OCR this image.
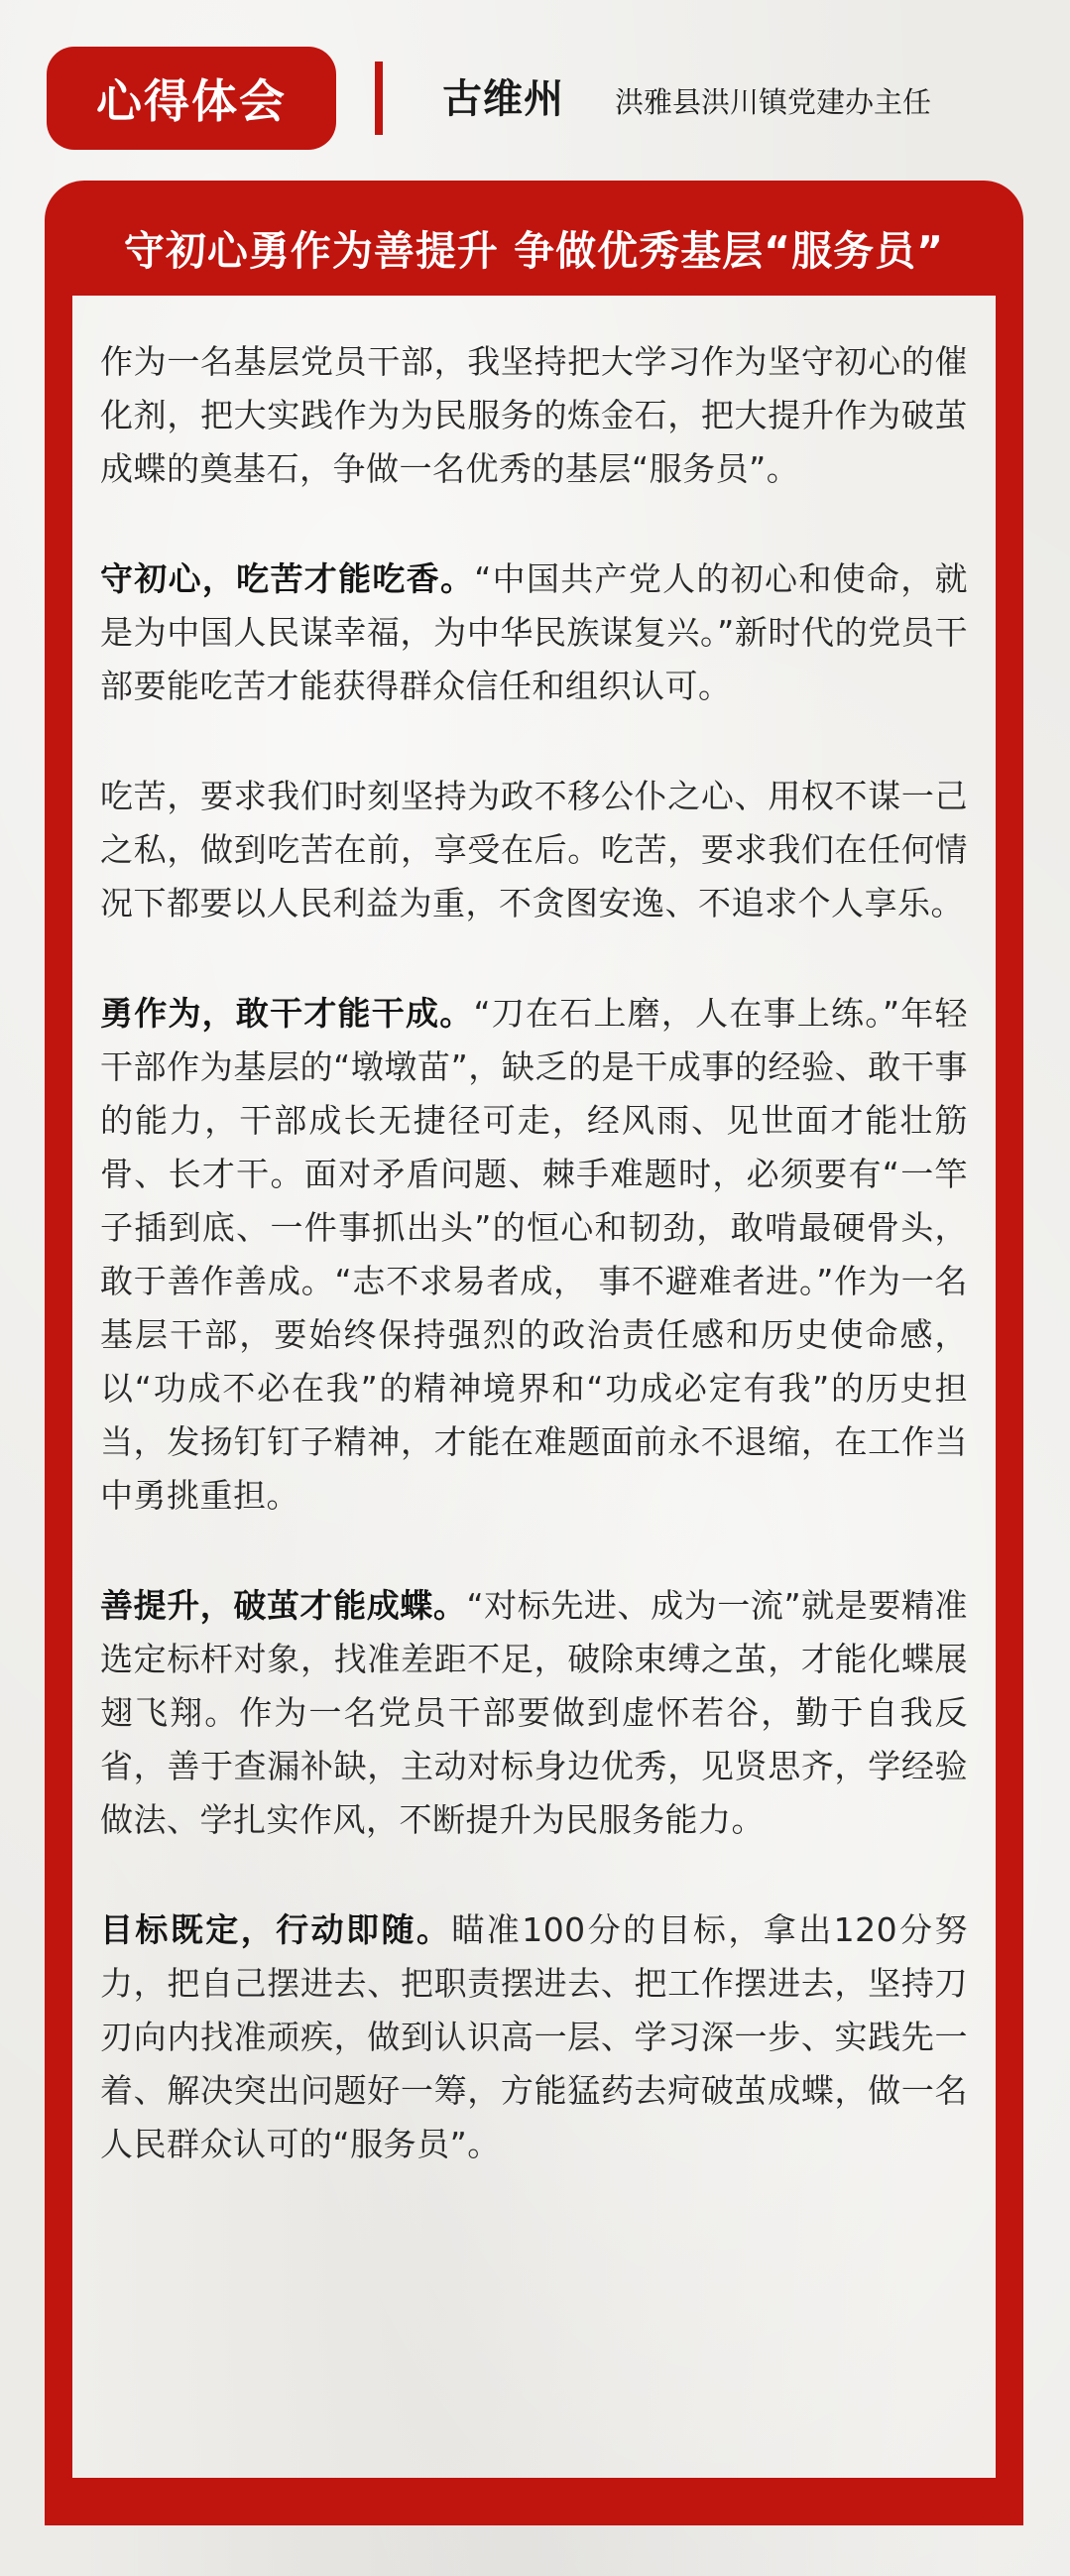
心得体会	古维州 洪雅县洪川镇党建办主任
守初心勇作为善提升 争做优秀基层“服务员”

作为一名基层党员干部，我坚持把大学习作为坚守初心的催化剂，把大实践作为为民服务的炼金石，把大提升作为破茧成蝶的奠基石，争做一名优秀的基层“服务员”。

守初心，吃苦才能吃香。“中国共产党人的初心和使命，就是为中国人民谋幸福，为中华民族谋复兴。”新时代的党员干部要能吃苦才能获得群众信任和组织认可。

吃苦，要求我们时刻坚持为政不移公仆之心、用权不谋一己之私，做到吃苦在前，享受在后。吃苦，要求我们在任何情况下都要以人民利益为重，不贪图安逸、不追求个人享乐。

勇作为，敢干才能干成。“刀在石上磨，人在事上练。”年轻干部作为基层的“墩墩苗”，缺乏的是干成事的经验、敢干事的能力，干部成长无捷径可走，经风雨、见世面才能壮筋骨、长才干。面对矛盾问题、棘手难题时，必须要有“一竿子插到底、一件事抓出头”的恒心和韧劲，敢啃最硬骨头，敢于善作善成。“志不求易者成， 事不避难者进。”作为一名基层干部，要始终保持强烈的政治责任感和历史使命感，以“功成不必在我”的精神境界和“功成必定有我”的历史担当，发扬钉钉子精神，才能在难题面前永不退缩，在工作当中勇挑重担。

善提升，破茧才能成蝶。“对标先进、成为一流”就是要精准选定标杆对象，找准差距不足，破除束缚之茧，才能化蝶展翅飞翔。作为一名党员干部要做到虚怀若谷，勤于自我反省，善于查漏补缺，主动对标身边优秀，见贤思齐，学经验做法、学扎实作风，不断提升为民服务能力。

目标既定，行动即随。瞄准100分的目标，拿出120分努力，把自己摆进去、把职责摆进去、把工作摆进去，坚持刀刃向内找准顽疾，做到认识高一层、学习深一步、实践先一着、解决突出问题好一筹，方能猛药去疴破茧成蝶，做一名人民群众认可的“服务员”。
